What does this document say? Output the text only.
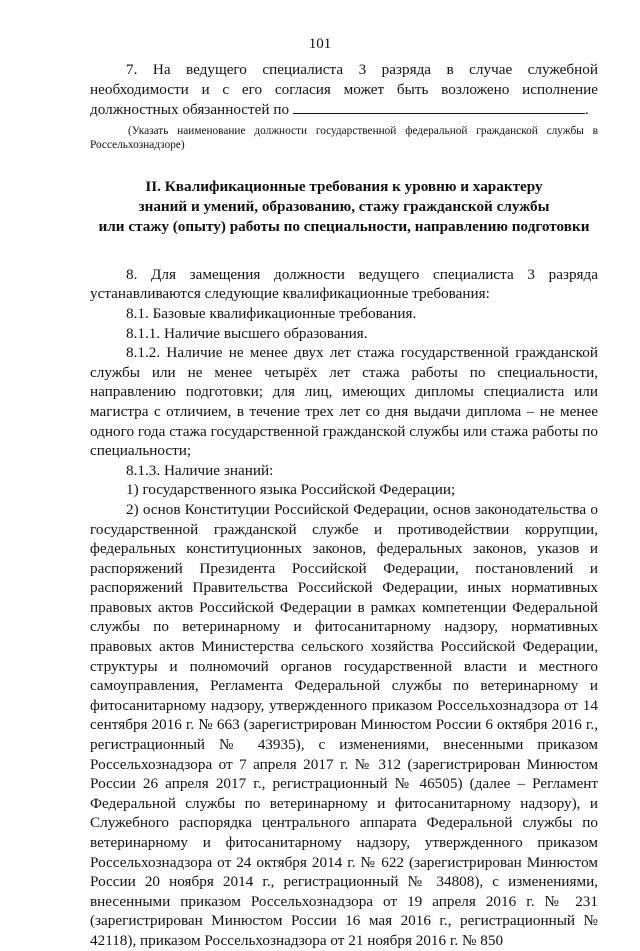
101

7. На ведущего специалиста 3 разряда в случае служебной необходимости и с его согласия может быть возложено исполнение должностных обязанностей по	.

(Указать наименование должности государственной федеральной гражданской службы в Россельхознадзоре)

II. Квалификационные требования к уровню и характеру
знаний и умений, образованию, стажу гражданской службы
или стажу (опыту) работы по специальности, направлению подготовки

8. Для замещения должности ведущего специалиста 3 разряда устанавливаются следующие квалификационные требования:

8.1. Базовые квалификационные требования.

8.1.1. Наличие высшего образования.

8.1.2. Наличие не менее двух лет стажа государственной гражданской службы или не менее четырёх лет стажа работы по специальности, направлению подготовки; для лиц, имеющих дипломы специалиста или магистра с отличием, в течение трех лет со дня выдачи диплома – не менее одного года стажа государственной гражданской службы или стажа работы по специальности;

8.1.3. Наличие знаний:

1) государственного языка Российской Федерации;

2) основ Конституции Российской Федерации, основ законодательства о государственной гражданской службе и противодействии коррупции, федеральных конституционных законов, федеральных законов, указов и распоряжений Президента Российской Федерации, постановлений и распоряжений Правительства Российской Федерации, иных нормативных правовых актов Российской Федерации в рамках компетенции Федеральной службы по ветеринарному и фитосанитарному надзору, нормативных правовых актов Министерства сельского хозяйства Российской Федерации, структуры и полномочий органов государственной власти и местного самоуправления, Регламента Федеральной службы по ветеринарному и фитосанитарному надзору, утвержденного приказом Россельхознадзора от 14 сентября 2016 г. № 663 (зарегистрирован Минюстом России 6 октября 2016 г., регистрационный № 43935), с изменениями, внесенными приказом Россельхознадзора от 7 апреля 2017 г. № 312 (зарегистрирован Минюстом России 26 апреля 2017 г., регистрационный № 46505) (далее – Регламент Федеральной службы по ветеринарному и фитосанитарному надзору), и Служебного распорядка центрального аппарата Федеральной службы по ветеринарному и фитосанитарному надзору, утвержденного приказом Россельхознадзора от 24 октября 2014 г. № 622 (зарегистрирован Минюстом России 20 ноября 2014 г., регистрационный № 34808), с изменениями, внесенными приказом Россельхознадзора от 19 апреля 2016 г. № 231 (зарегистрирован Минюстом России 16 мая 2016 г., регистрационный № 42118), приказом Россельхознадзора от 21 ноября 2016 г. № 850
